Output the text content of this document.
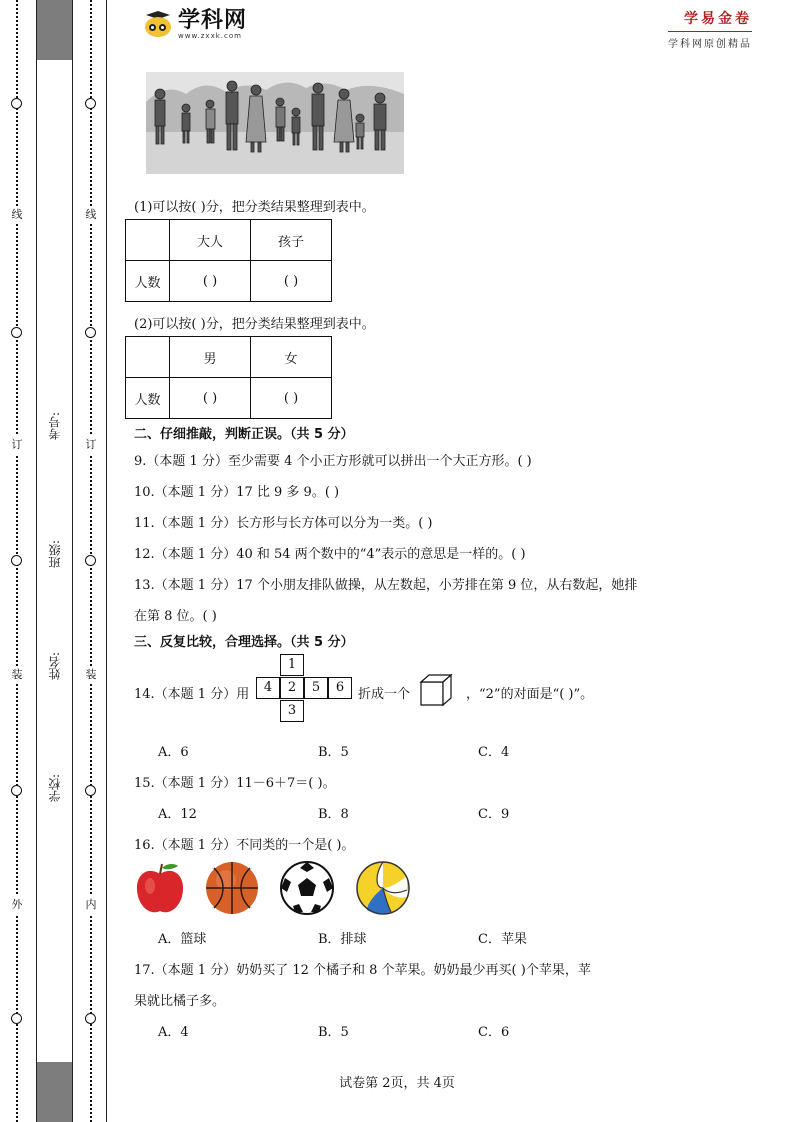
线
订
装
外
线
订
装
内
考号:
班级:
姓名:
学校:
学科网
www.zxxk.com
学易金卷
学科网原创精品
(1)可以按( )分，把分类结果整理到表中。
	大人	孩子
人数	( )	( )
(2)可以按( )分，把分类结果整理到表中。
	男	女
人数	( )	( )
二、仔细推敲，判断正误。（共 5 分）
9.（本题 1 分）至少需要 4 个小正方形就可以拼出一个大正方形。( )
10.（本题 1 分）17 比 9 多 9。( )
11.（本题 1 分）长方形与长方体可以分为一类。( )
12.（本题 1 分）40 和 54 两个数中的“4”表示的意思是一样的。( )
13.（本题 1 分）17 个小朋友排队做操，从左数起，小芳排在第 9 位，从右数起，她排
在第 8 位。( )
三、反复比较，合理选择。（共 5 分）
14.（本题 1 分）用
1
4	2	5	6
3
折成一个	，“2”的对面是“( )”。
A．6	B．5	C．4
15.（本题 1 分）11－6＋7＝( )。
A．12	B．8	C．9
16.（本题 1 分）不同类的一个是( )。
A．篮球	B．排球	C．苹果
17.（本题 1 分）奶奶买了 12 个橘子和 8 个苹果。奶奶最少再买( )个苹果，苹
果就比橘子多。
A．4	B．5	C．6
试卷第 2页，共 4页
